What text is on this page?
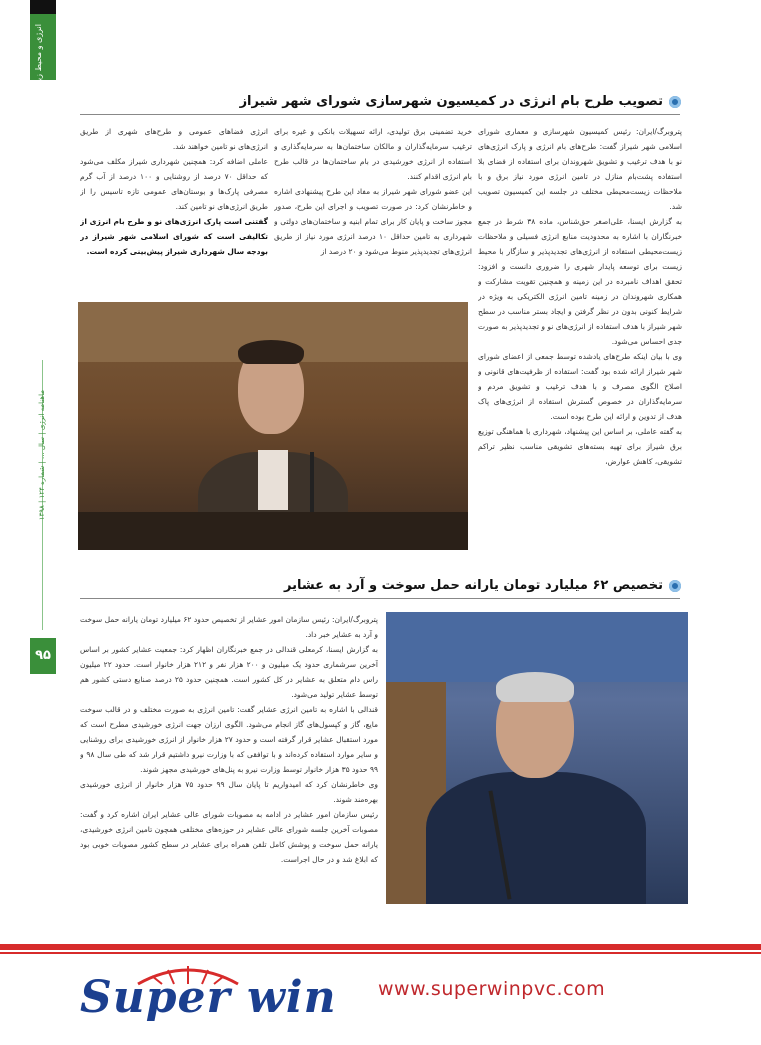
انرژی و محیط زیست
ماهنامه انرژی | سال ... | شماره ۱۲۴ | ۱۳۹۸
۹۵
تصویب طرح بام انرژی در کمیسیون شهرسازی شورای شهر شیراز

پتروبرگ/ایران: رئیس کمیسیون شهرسازی و معماری شورای اسلامی شهر شیراز گفت: طرح‌های بام انرژی و پارک انرژی‌های نو با هدف ترغیب و تشویق شهروندان برای استفاده از فضای بلا استفاده پشت‌بام منازل در تامین انرژی مورد نیاز برق و با ملاحظات زیست‌محیطی مختلف در جلسه این کمیسیون تصویب شد.

به گزارش ایسنا، علی‌اصغر حق‌شناس، ماده ۳۸ شرط در جمع خبرنگاران با اشاره به محدودیت منابع انرژی فسیلی و ملاحظات زیست‌محیطی استفاده از انرژی‌های تجدیدپذیر و سازگار با محیط زیست برای توسعه پایدار شهری را ضروری دانست و افزود: تحقق اهداف نامبرده در این زمینه و همچنین تقویت مشارکت و همکاری شهروندان در زمینه تامین انرژی الکتریکی به ویژه در شرایط کنونی بدون در نظر گرفتن و ایجاد بستر مناسب در سطح شهر شیراز با هدف استفاده از انرژی‌های نو و تجدیدپذیر به صورت جدی احساس می‌شود.

وی با بیان اینکه طرح‌های یادشده توسط جمعی از اعضای شورای شهر شیراز ارائه شده بود گفت: استفاده از ظرفیت‌های قانونی و اصلاح الگوی مصرف و با هدف ترغیب و تشویق مردم و سرمایه‌گذاران در خصوص گسترش استفاده از انرژی‌های پاک هدف از تدوین و ارائه این طرح بوده است.

به گفته عاملی، بر اساس این پیشنهاد، شهرداری با هماهنگی توزیع برق شیراز برای تهیه بسته‌های تشویقی مناسب نظیر تراکم تشویقی، کاهش عوارض،

خرید تضمینی برق تولیدی، ارائه تسهیلات بانکی و غیره برای ترغیب سرمایه‌گذاران و مالکان ساختمان‌ها به سرمایه‌گذاری و استفاده از انرژی خورشیدی در بام ساختمان‌ها در قالب طرح بام انرژی اقدام کنند.

این عضو شورای شهر شیراز به مفاد این طرح پیشنهادی اشاره و خاطرنشان کرد: در صورت تصویب و اجرای این طرح، صدور مجوز ساخت و پایان کار برای تمام ابنیه و ساختمان‌های دولتی و شهرداری به تامین حداقل ۱۰ درصد انرژی مورد نیاز از طریق انرژی‌های تجدیدپذیر منوط می‌شود و ۲۰ درصد از

انرژی فضاهای عمومی و طرح‌های شهری از طریق انرژی‌های نو تامین خواهند شد.

عاملی اضافه کرد: همچنین شهرداری شیراز مکلف می‌شود که حداقل ۷۰ درصد از روشنایی و ۱۰۰ درصد از آب گرم مصرفی پارک‌ها و بوستان‌های عمومی تازه تاسیس را از طریق انرژی‌های نو تامین کند.

گفتنی است پارک انرژی‌های نو و طرح بام انرژی از تکالیفی است که شورای اسلامی شهر شیراز در بودجه سال شهرداری شیراز پیش‌بینی کرده است.

تخصیص ۶۲ میلیارد تومان یارانه حمل سوخت و آرد به عشایر

پتروبرگ/ایران: رئیس سازمان امور عشایر از تخصیص حدود ۶۲ میلیارد تومان یارانه حمل سوخت و آرد به عشایر خبر داد.

به گزارش ایسنا، کرمعلی قندالی در جمع خبرنگاران اظهار کرد: جمعیت عشایر کشور بر اساس آخرین سرشماری حدود یک میلیون و ۲۰۰ هزار نفر و ۲۱۲ هزار خانوار است. حدود ۲۲ میلیون راس دام متعلق به عشایر در کل کشور است. همچنین حدود ۲۵ درصد صنایع دستی کشور هم توسط عشایر تولید می‌شود.

قندالی با اشاره به تامین انرژی عشایر گفت: تامین انرژی به صورت مختلف و در قالب سوخت مایع، گاز و کپسول‌های گاز انجام می‌شود. الگوی ارزان جهت انرژی خورشیدی مطرح است که مورد استقبال عشایر قرار گرفته است و حدود ۲۷ هزار خانوار از انرژی خورشیدی برای روشنایی و سایر موارد استفاده کرده‌اند و با توافقی که با وزارت نیرو داشتیم قرار شد که طی سال ۹۸ و ۹۹ حدود ۳۵ هزار خانوار توسط وزارت نیرو به پنل‌های خورشیدی مجهز شوند.

وی خاطرنشان کرد که امیدواریم تا پایان سال ۹۹ حدود ۷۵ هزار خانوار از انرژی خورشیدی بهره‌مند شوند.

رئیس سازمان امور عشایر در ادامه به مصوبات شورای عالی عشایر ایران اشاره کرد و گفت: مصوبات آخرین جلسه شورای عالی عشایر در حوزه‌های مختلفی همچون تامین انرژی خورشیدی، یارانه حمل سوخت و پوشش کامل تلفن همراه برای عشایر در سطح کشور مصوبات خوبی بود که ابلاغ شد و در حال اجراست.

Super win www.superwinpvc.com
